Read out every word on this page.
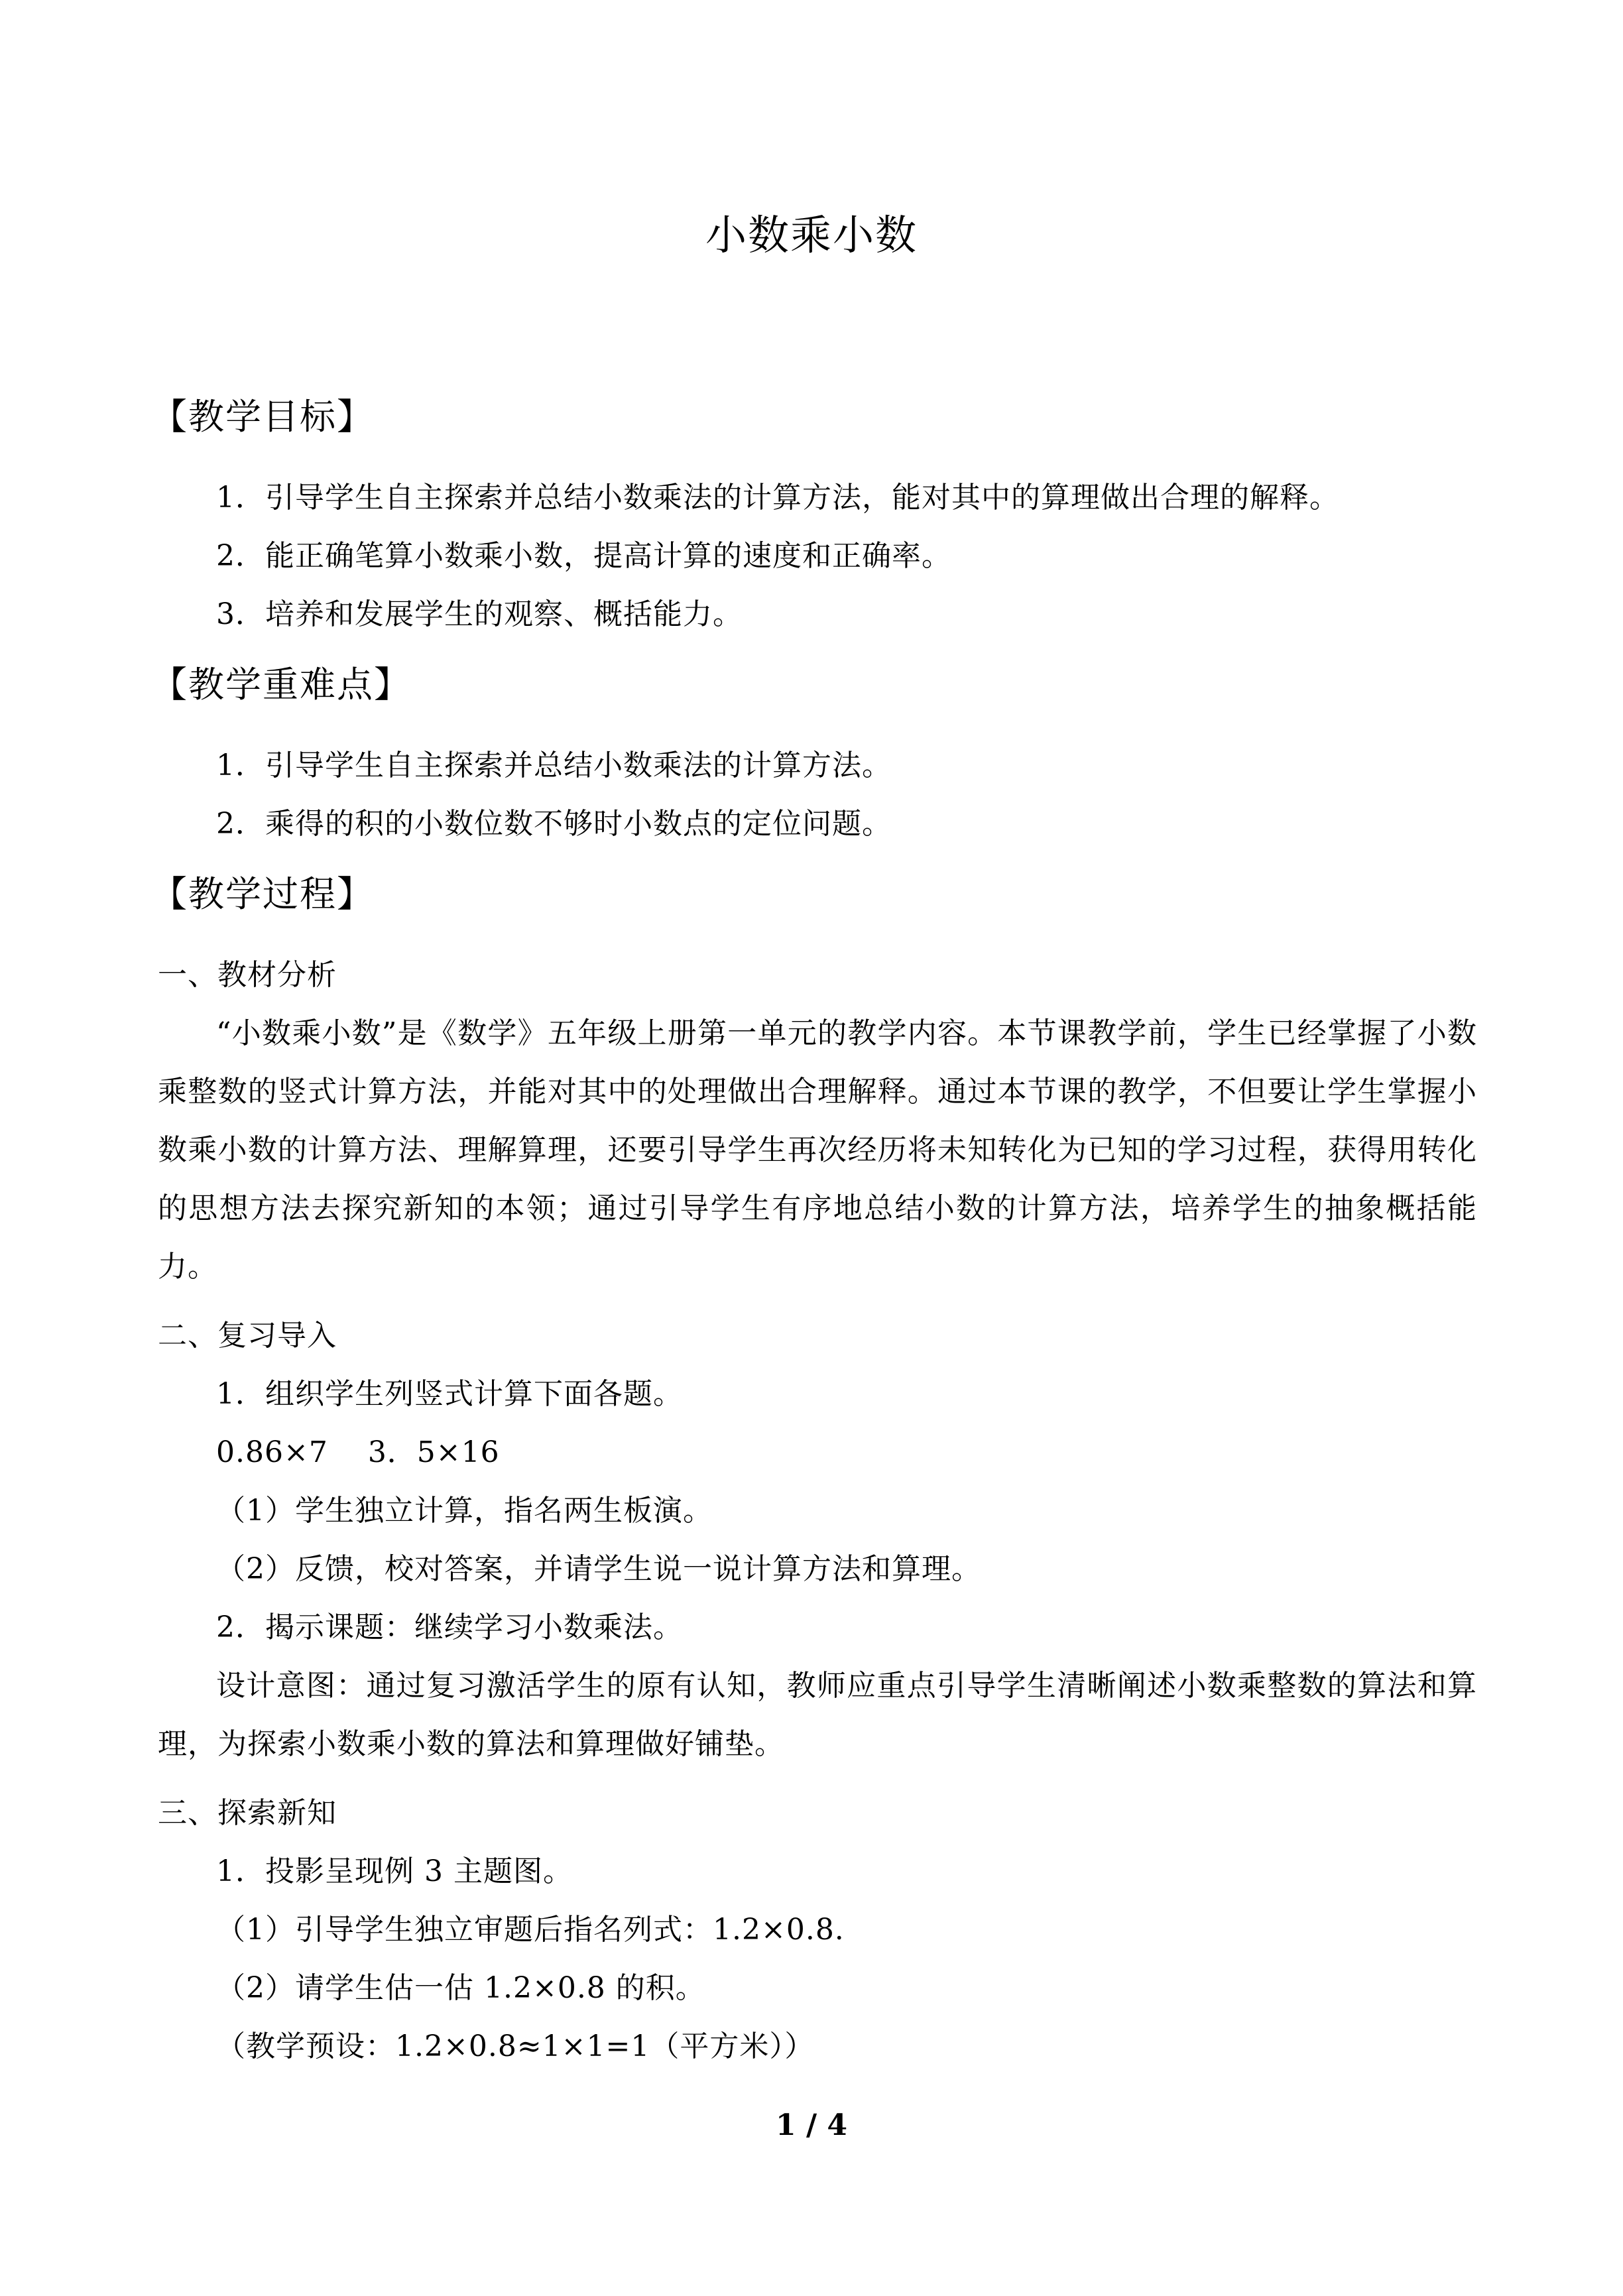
小数乘小数
【教学目标】
1．引导学生自主探索并总结小数乘法的计算方法，能对其中的算理做出合理的解释。
2．能正确笔算小数乘小数，提高计算的速度和正确率。
3．培养和发展学生的观察、概括能力。
【教学重难点】
1．引导学生自主探索并总结小数乘法的计算方法。
2．乘得的积的小数位数不够时小数点的定位问题。
【教学过程】
一、教材分析
“小数乘小数”是《数学》五年级上册第一单元的教学内容。本节课教学前，学生已经掌握了小数乘整数的竖式计算方法，并能对其中的处理做出合理解释。通过本节课的教学，不但要让学生掌握小数乘小数的计算方法、理解算理，还要引导学生再次经历将未知转化为已知的学习过程，获得用转化的思想方法去探究新知的本领；通过引导学生有序地总结小数的计算方法，培养学生的抽象概括能力。
二、复习导入
1．组织学生列竖式计算下面各题。
0.86×7　 3．5×16
（1）学生独立计算，指名两生板演。
（2）反馈，校对答案，并请学生说一说计算方法和算理。
2．揭示课题：继续学习小数乘法。
设计意图：通过复习激活学生的原有认知，教师应重点引导学生清晰阐述小数乘整数的算法和算理，为探索小数乘小数的算法和算理做好铺垫。
三、探索新知
1．投影呈现例 3 主题图。
（1）引导学生独立审题后指名列式：1.2×0.8.
（2）请学生估一估 1.2×0.8 的积。
（教学预设：1.2×0.8≈1×1=1（平方米））
1 / 4
